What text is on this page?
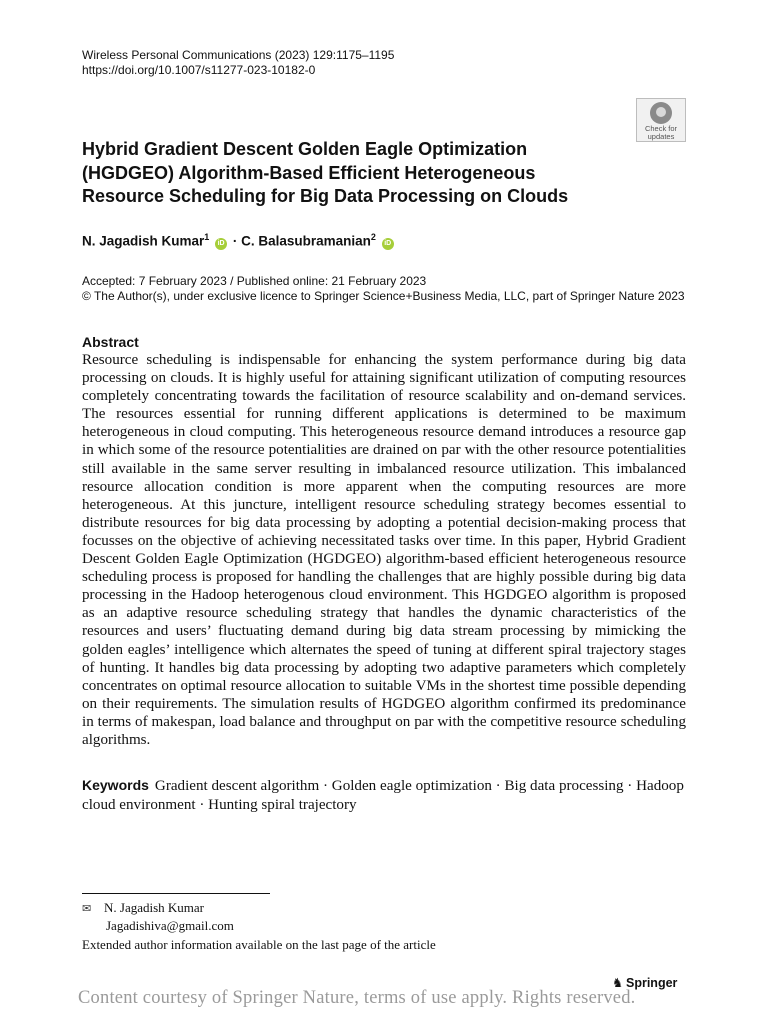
Wireless Personal Communications (2023) 129:1175–1195
https://doi.org/10.1007/s11277-023-10182-0
Check for
updates
Hybrid Gradient Descent Golden Eagle Optimization (HGDGEO) Algorithm-Based Efficient Heterogeneous Resource Scheduling for Big Data Processing on Clouds
N. Jagadish Kumar$^1$ iD · C. Balasubramanian$^2$ iD
Accepted: 7 February 2023 / Published online: 21 February 2023
© The Author(s), under exclusive licence to Springer Science+Business Media, LLC, part of Springer Nature 2023
Abstract

Resource scheduling is indispensable for enhancing the system performance during big data processing on clouds. It is highly useful for attaining significant utilization of computing resources completely concentrating towards the facilitation of resource scalability and on-demand services. The resources essential for running different applications is determined to be maximum heterogeneous in cloud computing. This heterogeneous resource demand introduces a resource gap in which some of the resource potentialities are drained on par with the other resource potentialities still available in the same server resulting in imbalanced resource utilization. This imbalanced resource allocation condition is more apparent when the computing resources are more heterogeneous. At this juncture, intelligent resource scheduling strategy becomes essential to distribute resources for big data processing by adopting a potential decision-making process that focusses on the objective of achieving necessitated tasks over time. In this paper, Hybrid Gradient Descent Golden Eagle Optimization (HGDGEO) algorithm-based efficient heterogeneous resource scheduling process is proposed for handling the challenges that are highly possible during big data processing in the Hadoop heterogenous cloud environment. This HGDGEO algorithm is proposed as an adaptive resource scheduling strategy that handles the dynamic characteristics of the resources and users’ fluctuating demand during big data stream processing by mimicking the golden eagles’ intelligence which alternates the speed of tuning at different spiral trajectory stages of hunting. It handles big data processing by adopting two adaptive parameters which completely concentrates on optimal resource allocation to suitable VMs in the shortest time possible depending on their requirements. The simulation results of HGDGEO algorithm confirmed its predominance in terms of makespan, load balance and throughput on par with the competitive resource scheduling algorithms.

Keywords Gradient descent algorithm · Golden eagle optimization · Big data processing · Hadoop cloud environment · Hunting spiral trajectory
✉ N. Jagadish Kumar
Jagadishiva@gmail.com
Extended author information available on the last page of the article
♞ Springer
Content courtesy of Springer Nature, terms of use apply. Rights reserved.
